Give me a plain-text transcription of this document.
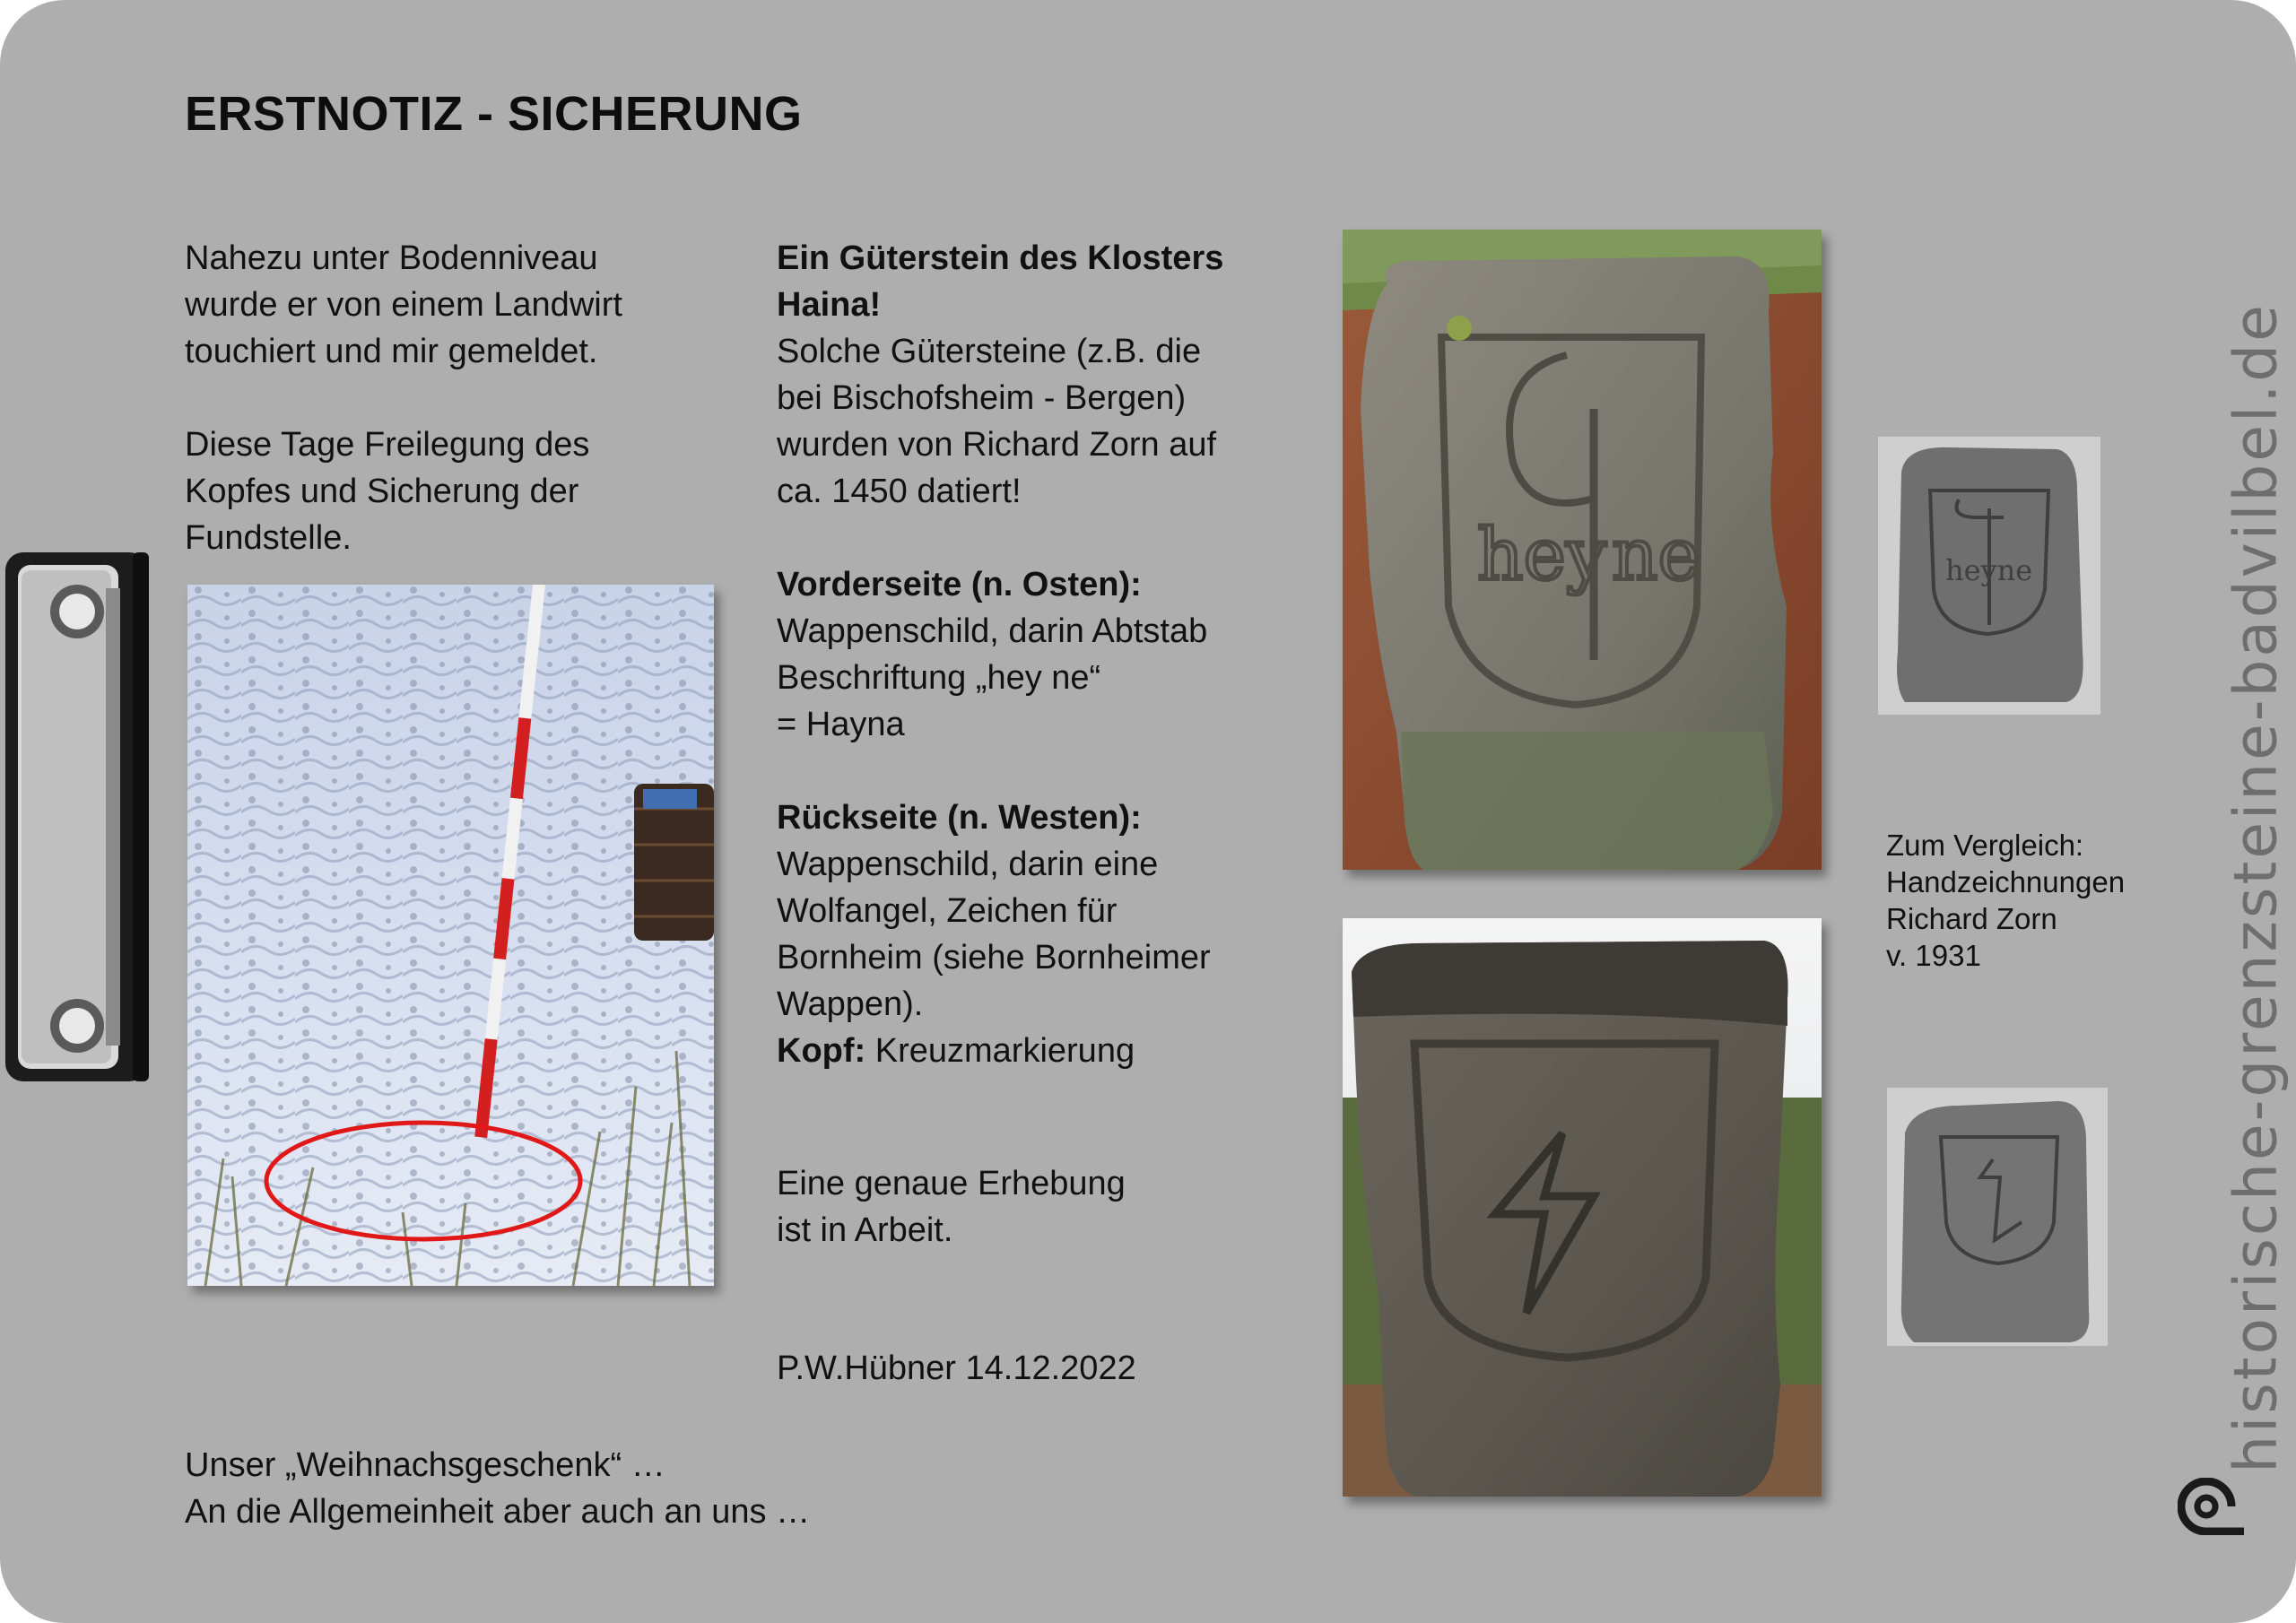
ERSTNOTIZ - SICHERUNG
Nahezu unter Bodenniveau
wurde er von einem Landwirt
touchiert und mir gemeldet.
Diese Tage Freilegung des
Kopfes und Sicherung der
Fundstelle.
Ein Güterstein des Klosters
Haina!
Solche Gütersteine (z.B. die
bei Bischofsheim - Bergen)
wurden von Richard Zorn auf
ca. 1450 datiert!
Vorderseite (n. Osten):
Wappenschild, darin Abtstab
Beschriftung „hey ne“
= Hayna
Rückseite (n. Westen):
Wappenschild, darin eine
Wolfangel, Zeichen für
Bornheim (siehe Bornheimer
Wappen).
Kopf: Kreuzmarkierung
Eine genaue Erhebung
ist in Arbeit.
P.W.Hübner 14.12.2022
Unser „Weihnachsgeschenk“ …
An die Allgemeinheit aber auch an uns …
hey ne	heyne
Zum Vergleich:
Handzeichnungen
Richard Zorn
v. 1931	historische-grenzsteine-badvilbel.de
